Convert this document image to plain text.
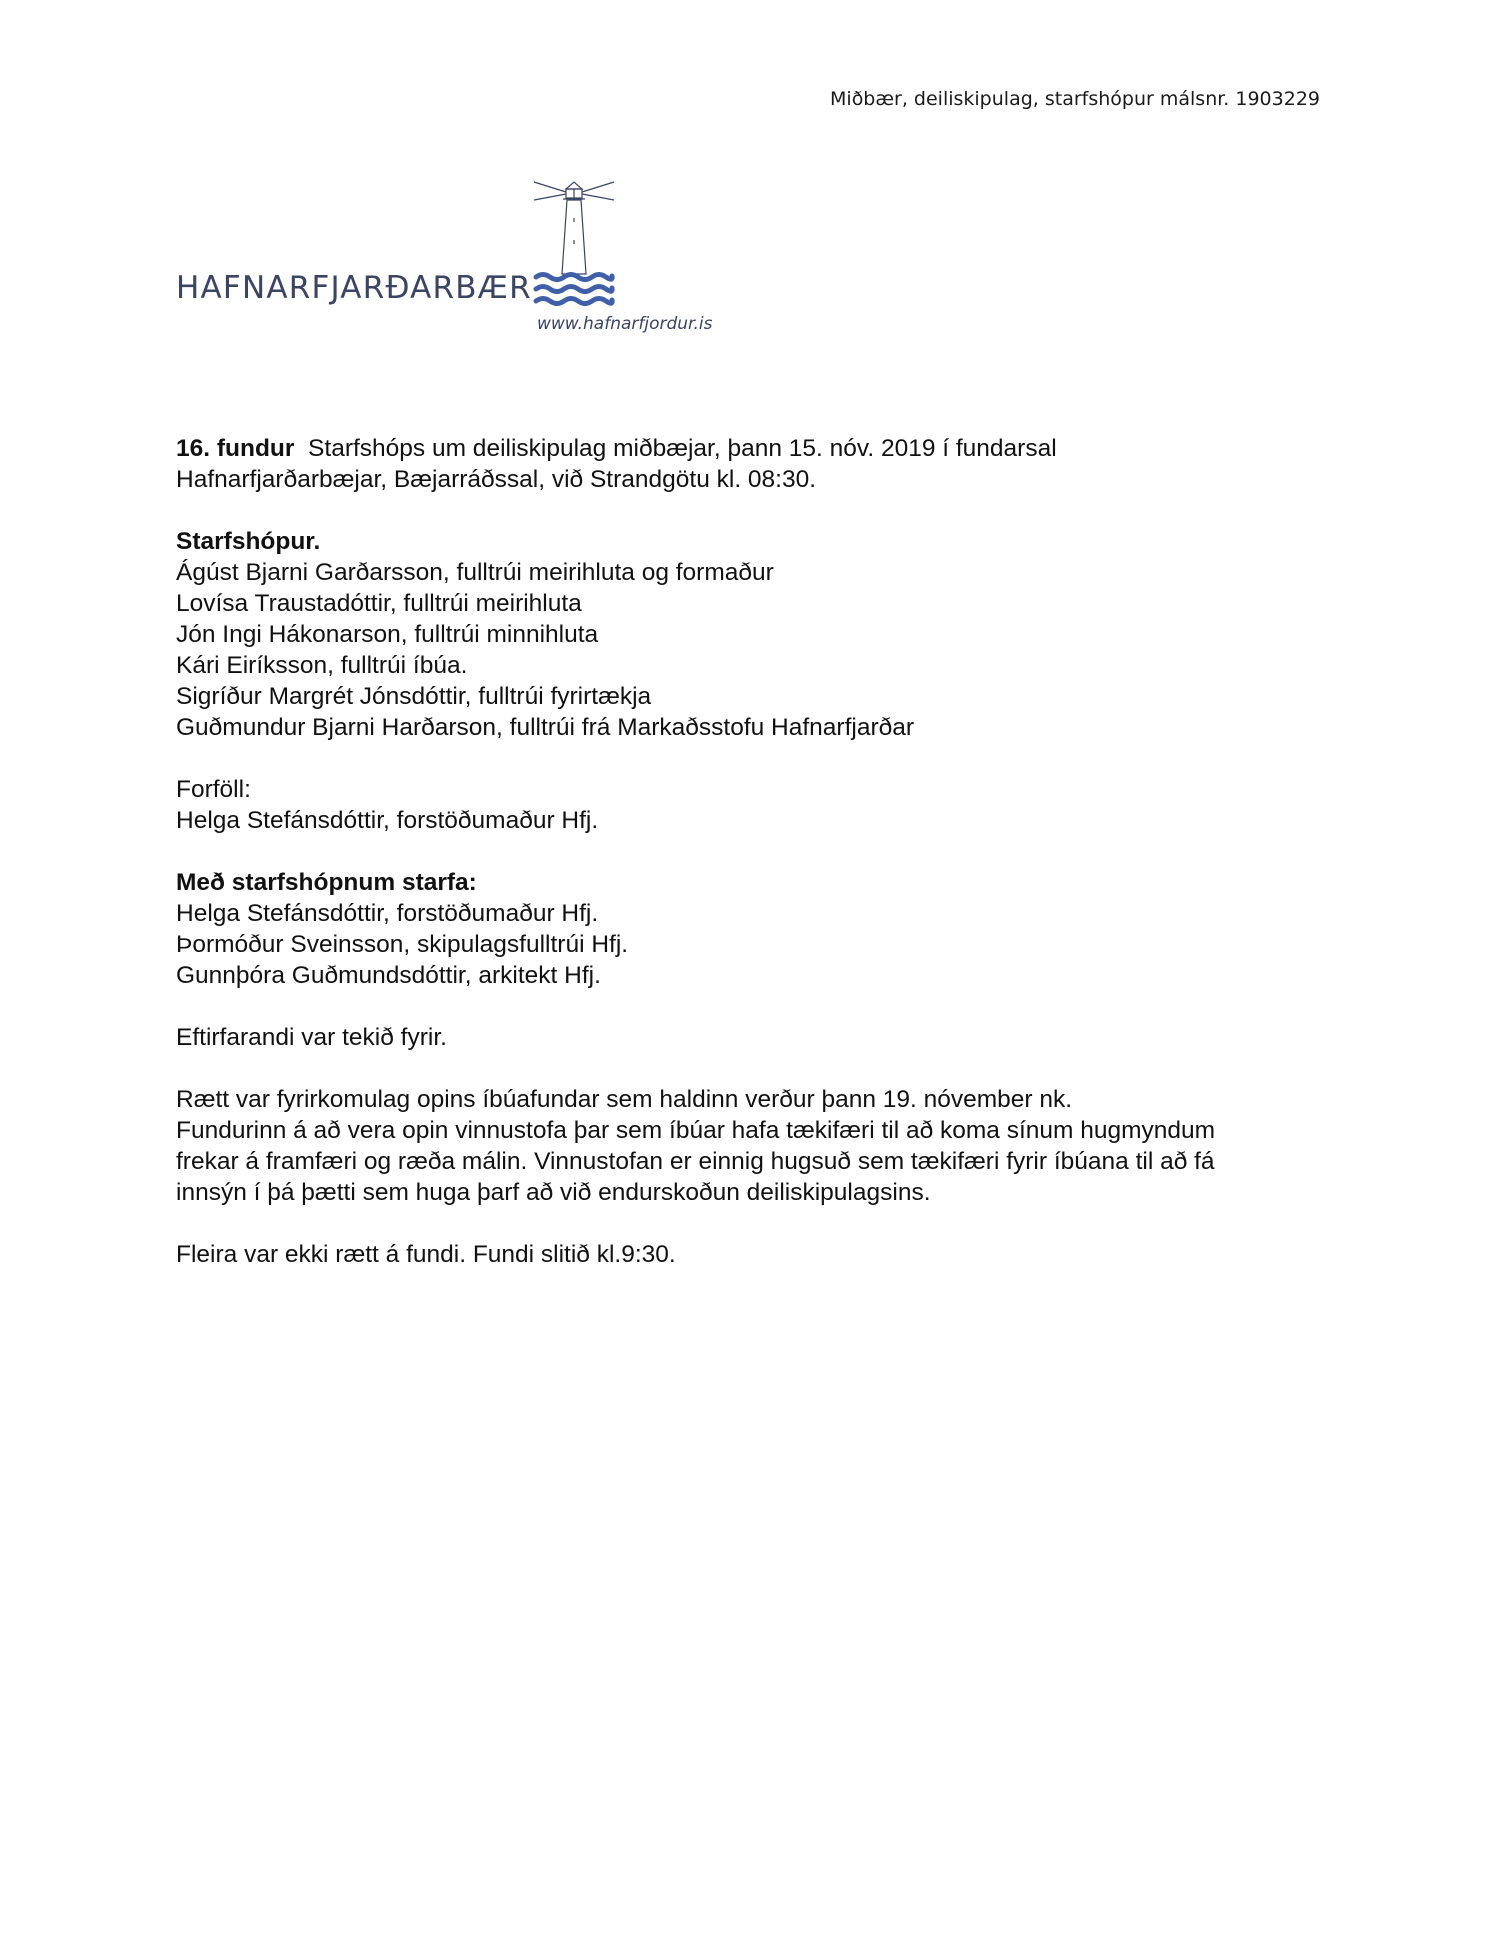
Miðbær, deiliskipulag, starfshópur málsnr. 1903229
HAFNARFJARÐARBÆR
www.hafnarfjordur.is

16. fundur Starfshóps um deiliskipulag miðbæjar, þann 15. nóv. 2019 í fundarsal

Hafnarfjarðarbæjar, Bæjarráðssal, við Strandgötu kl. 08:30.

Starfshópur.

Ágúst Bjarni Garðarsson, fulltrúi meirihluta og formaður

Lovísa Traustadóttir, fulltrúi meirihluta

Jón Ingi Hákonarson, fulltrúi minnihluta

Kári Eiríksson, fulltrúi íbúa.

Sigríður Margrét Jónsdóttir, fulltrúi fyrirtækja

Guðmundur Bjarni Harðarson, fulltrúi frá Markaðsstofu Hafnarfjarðar

Forföll:

Helga Stefánsdóttir, forstöðumaður Hfj.

Með starfshópnum starfa:

Helga Stefánsdóttir, forstöðumaður Hfj.

Þormóður Sveinsson, skipulagsfulltrúi Hfj.

Gunnþóra Guðmundsdóttir, arkitekt Hfj.

Eftirfarandi var tekið fyrir.

Rætt var fyrirkomulag opins íbúafundar sem haldinn verður þann 19. nóvember nk.

Fundurinn á að vera opin vinnustofa þar sem íbúar hafa tækifæri til að koma sínum hugmyndum

frekar á framfæri og ræða málin. Vinnustofan er einnig hugsuð sem tækifæri fyrir íbúana til að fá

innsýn í þá þætti sem huga þarf að við endurskoðun deiliskipulagsins.

Fleira var ekki rætt á fundi. Fundi slitið kl.9:30.
